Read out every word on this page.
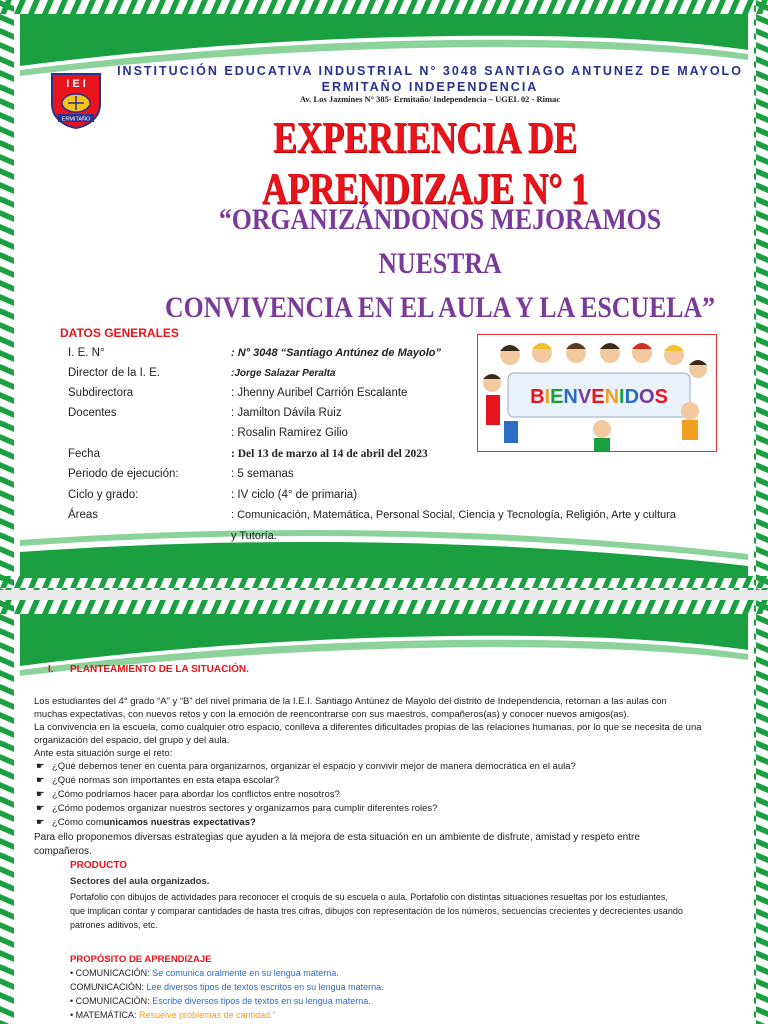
I E I
ERMITAÑO
INSTITUCIÓN EDUCATIVA INDUSTRIAL N° 3048 SANTIAGO ANTUNEZ DE MAYOLO
ERMITAÑO INDEPENDENCIA
Av. Los Jazmines N° 385- Ermitaño/ Independencia – UGEL 02 - Rimac
EXPERIENCIA DE APRENDIZAJE N° 1
“ORGANIZÁNDONOS MEJORAMOS NUESTRA
CONVIVENCIA EN EL AULA Y LA ESCUELA”
DATOS GENERALES
I. E. N°	: N° 3048 “Santiago Antúnez de Mayolo”
Director de la I. E.	:Jorge Salazar Peralta
Subdirectora	: Jhenny Auribel Carrión Escalante
Docentes	: Jamilton Dávila Ruiz
: Rosalin Ramirez Gilio
Fecha	: Del 13 de marzo al 14 de abril del 2023
Periodo de ejecución:	: 5 semanas
Ciclo y grado:	: IV ciclo (4° de primaria)
Áreas	: Comunicación, Matemática, Personal Social, Ciencia y Tecnología, Religión, Arte y cultura
y Tutoría.
BIENVENIDOS
I. PLANTEAMIENTO DE LA SITUACIÓN.
Los estudiantes del 4° grado “A” y “B” del nivel primaria de la I.E.I. Santiago Antúnez de Mayolo del distrito de Independencia, retornan a las aulas con
muchas expectativas, con nuevos retos y con la emoción de reencontrarse con sus maestros, compañeros(as) y conocer nuevos amigos(as).
La convivencia en la escuela, como cualquier otro espacio, conlleva a diferentes dificultades propias de las relaciones humanas, por lo que se necesita de una
organización del espacio, del grupo y del aula.
Ante esta situación surge el reto:
☛ ¿Qué debemos tener en cuenta para organizarnos, organizar el espacio y convivir mejor de manera democrática en el aula?
☛ ¿Qué normas son importantes en esta etapa escolar?
☛ ¿Cómo podríamos hacer para abordar los conflictos entre nosotros?
☛ ¿Cómo podemos organizar nuestros sectores y organizarnos para cumplir diferentes roles?
☛ ¿Cómo comunicamos nuestras expectativas?
Para ello proponemos diversas estrategias que ayuden a la mejora de esta situación en un ambiente de disfrute, amistad y respeto entre
compañeros.
PRODUCTO
Sectores del aula organizados.
Portafolio con dibujos de actividades para reconocer el croquis de su escuela o aula. Portafolio con distintas situaciones resueltas por los estudiantes,
que implican contar y comparar cantidades de hasta tres cifras, dibujos con representación de los números, secuencias crecientes y decrecientes usando
patrones aditivos, etc.
PROPÓSITO DE APRENDIZAJE
• COMUNICACIÓN: Se comunica oralmente en su lengua materna.
COMUNICACIÓN: Lee diversos tipos de textos escritos en su lengua materna.
• COMUNICACIÓN: Escribe diversos tipos de textos en su lengua materna.
• MATEMÁTICA: Resuelve problemas de cantidad.”
